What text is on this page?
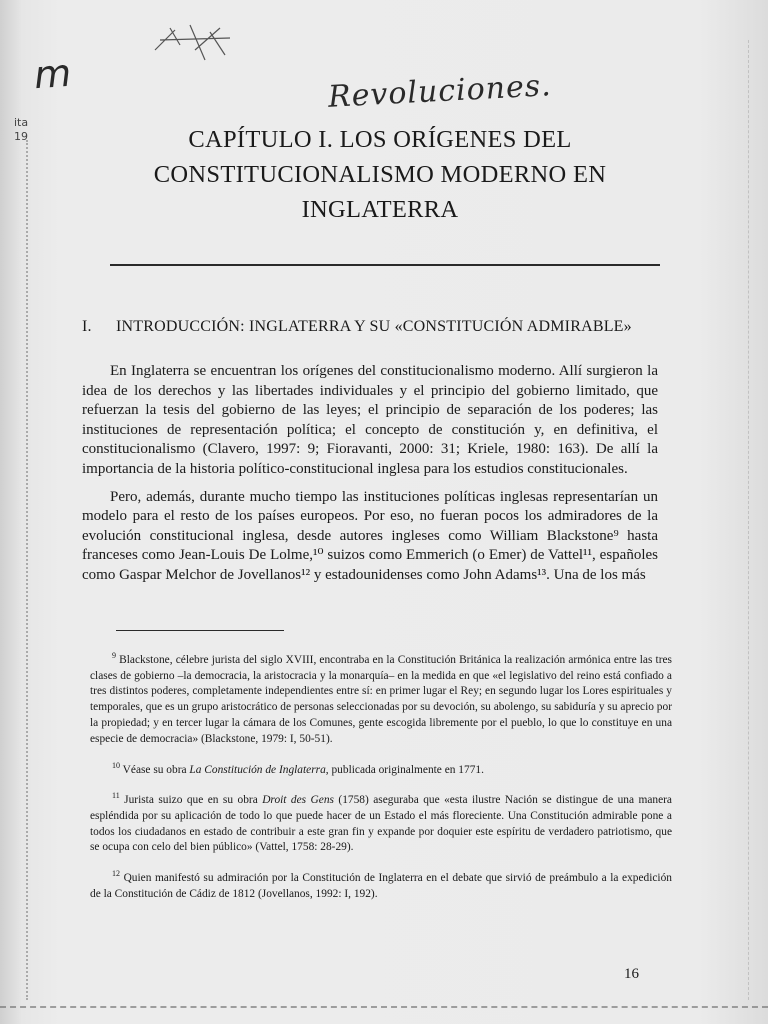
m	Revoluciones.
ita
19	CAPÍTULO I. LOS ORÍGENES DEL
CONSTITUCIONALISMO MODERNO EN
INGLATERRA
I. INTRODUCCIÓN: INGLATERRA Y SU «CONSTITUCIÓN ADMIRABLE»

En Inglaterra se encuentran los orígenes del constitucionalismo moderno. Allí surgieron la idea de los derechos y las libertades individuales y el principio del gobierno limitado, que refuerzan la tesis del gobierno de las leyes; el principio de separación de los poderes; las instituciones de representación política; el concepto de constitución y, en definitiva, el constitucionalismo (Clavero, 1997: 9; Fioravanti, 2000: 31; Kriele, 1980: 163). De allí la importancia de la historia político-constitucional inglesa para los estudios constitucionales.

Pero, además, durante mucho tiempo las instituciones políticas inglesas representarían un modelo para el resto de los países europeos. Por eso, no fueran pocos los admiradores de la evolución constitucional inglesa, desde autores ingleses como William Blackstone⁹ hasta franceses como Jean-Louis De Lolme,¹⁰ suizos como Emmerich (o Emer) de Vattel¹¹, españoles como Gaspar Melchor de Jovellanos¹² y estadounidenses como John Adams¹³. Una de los más

$^9$ Blackstone, célebre jurista del siglo XVIII, encontraba en la Constitución Británica la realización armónica entre las tres clases de gobierno –la democracia, la aristocracia y la monarquía– en la medida en que «el legislativo del reino está confiado a tres distintos poderes, completamente independientes entre sí: en primer lugar el Rey; en segundo lugar los Lores espirituales y temporales, que es un grupo aristocrático de personas seleccionadas por su devoción, su abolengo, su sabiduría y su aprecio por la propiedad; y en tercer lugar la cámara de los Comunes, gente escogida libremente por el pueblo, lo que lo constituye en una especie de democracia» (Blackstone, 1979: I, 50-51).

$^{10}$ Véase su obra La Constitución de Inglaterra, publicada originalmente en 1771.

$^{11}$ Jurista suizo que en su obra Droit des Gens (1758) aseguraba que «esta ilustre Nación se distingue de una manera espléndida por su aplicación de todo lo que puede hacer de un Estado el más floreciente. Una Constitución admirable pone a todos los ciudadanos en estado de contribuir a este gran fin y expande por doquier este espíritu de verdadero patriotismo, que se ocupa con celo del bien público» (Vattel, 1758: 28-29).

$^{12}$ Quien manifestó su admiración por la Constitución de Inglaterra en el debate que sirvió de preámbulo a la expedición de la Constitución de Cádiz de 1812 (Jovellanos, 1992: I, 192).

16
